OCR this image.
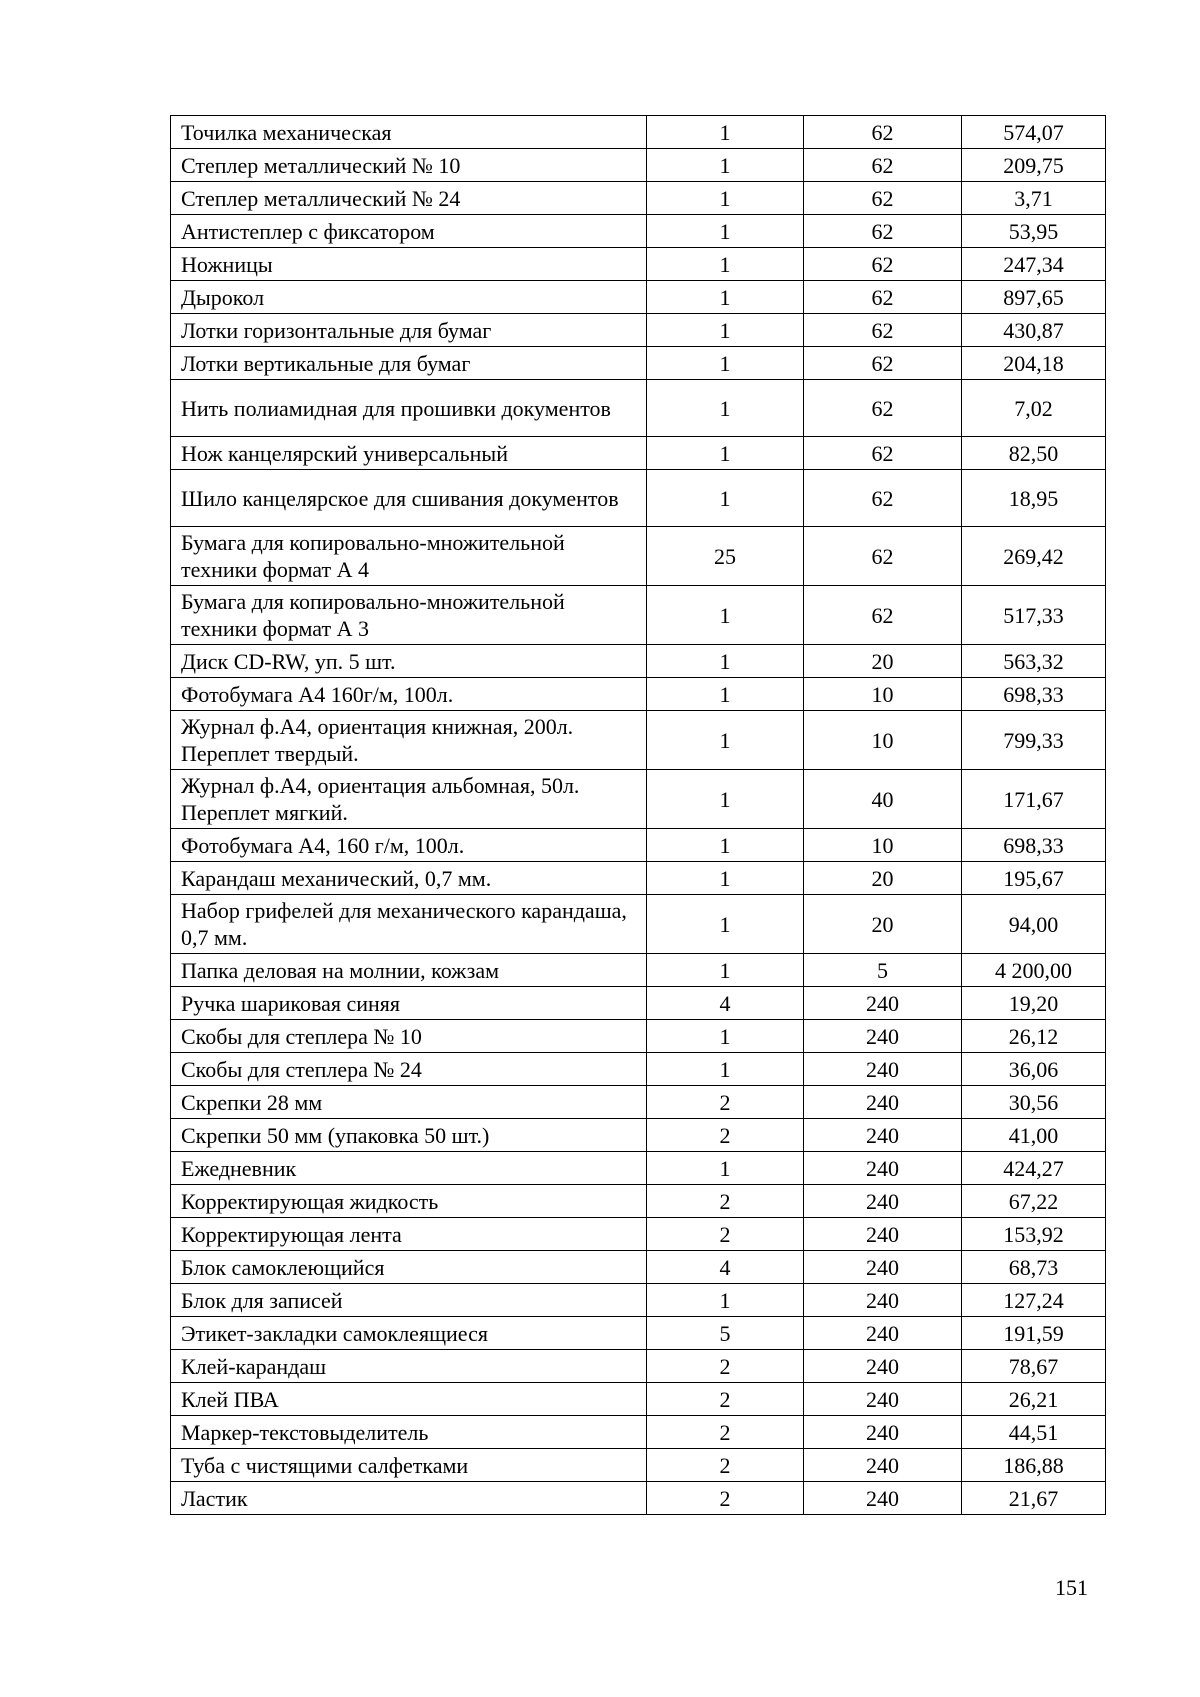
Точилка механическая	1	62	574,07
Степлер металлический № 10	1	62	209,75
Степлер металлический № 24	1	62	3,71
Антистеплер с фиксатором	1	62	53,95
Ножницы	1	62	247,34
Дырокол	1	62	897,65
Лотки горизонтальные для бумаг	1	62	430,87
Лотки вертикальные для бумаг	1	62	204,18
Нить полиамидная для прошивки документов	1	62	7,02
Нож канцелярский универсальный	1	62	82,50
Шило канцелярское для сшивания документов	1	62	18,95
Бумага для копировально-множительной техники формат А 4	25	62	269,42
Бумага для копировально-множительной техники формат А 3	1	62	517,33
Диск CD-RW, уп. 5 шт.	1	20	563,32
Фотобумага А4 160г/м, 100л.	1	10	698,33
Журнал ф.А4, ориентация книжная, 200л. Переплет твердый.	1	10	799,33
Журнал ф.А4, ориентация альбомная, 50л. Переплет мягкий.	1	40	171,67
Фотобумага А4, 160 г/м, 100л.	1	10	698,33
Карандаш механический, 0,7 мм.	1	20	195,67
Набор грифелей для механического карандаша, 0,7 мм.	1	20	94,00
Папка деловая на молнии, кожзам	1	5	4 200,00
Ручка шариковая синяя	4	240	19,20
Скобы для степлера № 10	1	240	26,12
Скобы для степлера № 24	1	240	36,06
Скрепки 28 мм	2	240	30,56
Скрепки 50 мм (упаковка 50 шт.)	2	240	41,00
Ежедневник	1	240	424,27
Корректирующая жидкость	2	240	67,22
Корректирующая лента	2	240	153,92
Блок самоклеющийся	4	240	68,73
Блок для записей	1	240	127,24
Этикет-закладки самоклеящиеся	5	240	191,59
Клей-карандаш	2	240	78,67
Клей ПВА	2	240	26,21
Маркер-текстовыделитель	2	240	44,51
Туба с чистящими салфетками	2	240	186,88
Ластик	2	240	21,67
151
